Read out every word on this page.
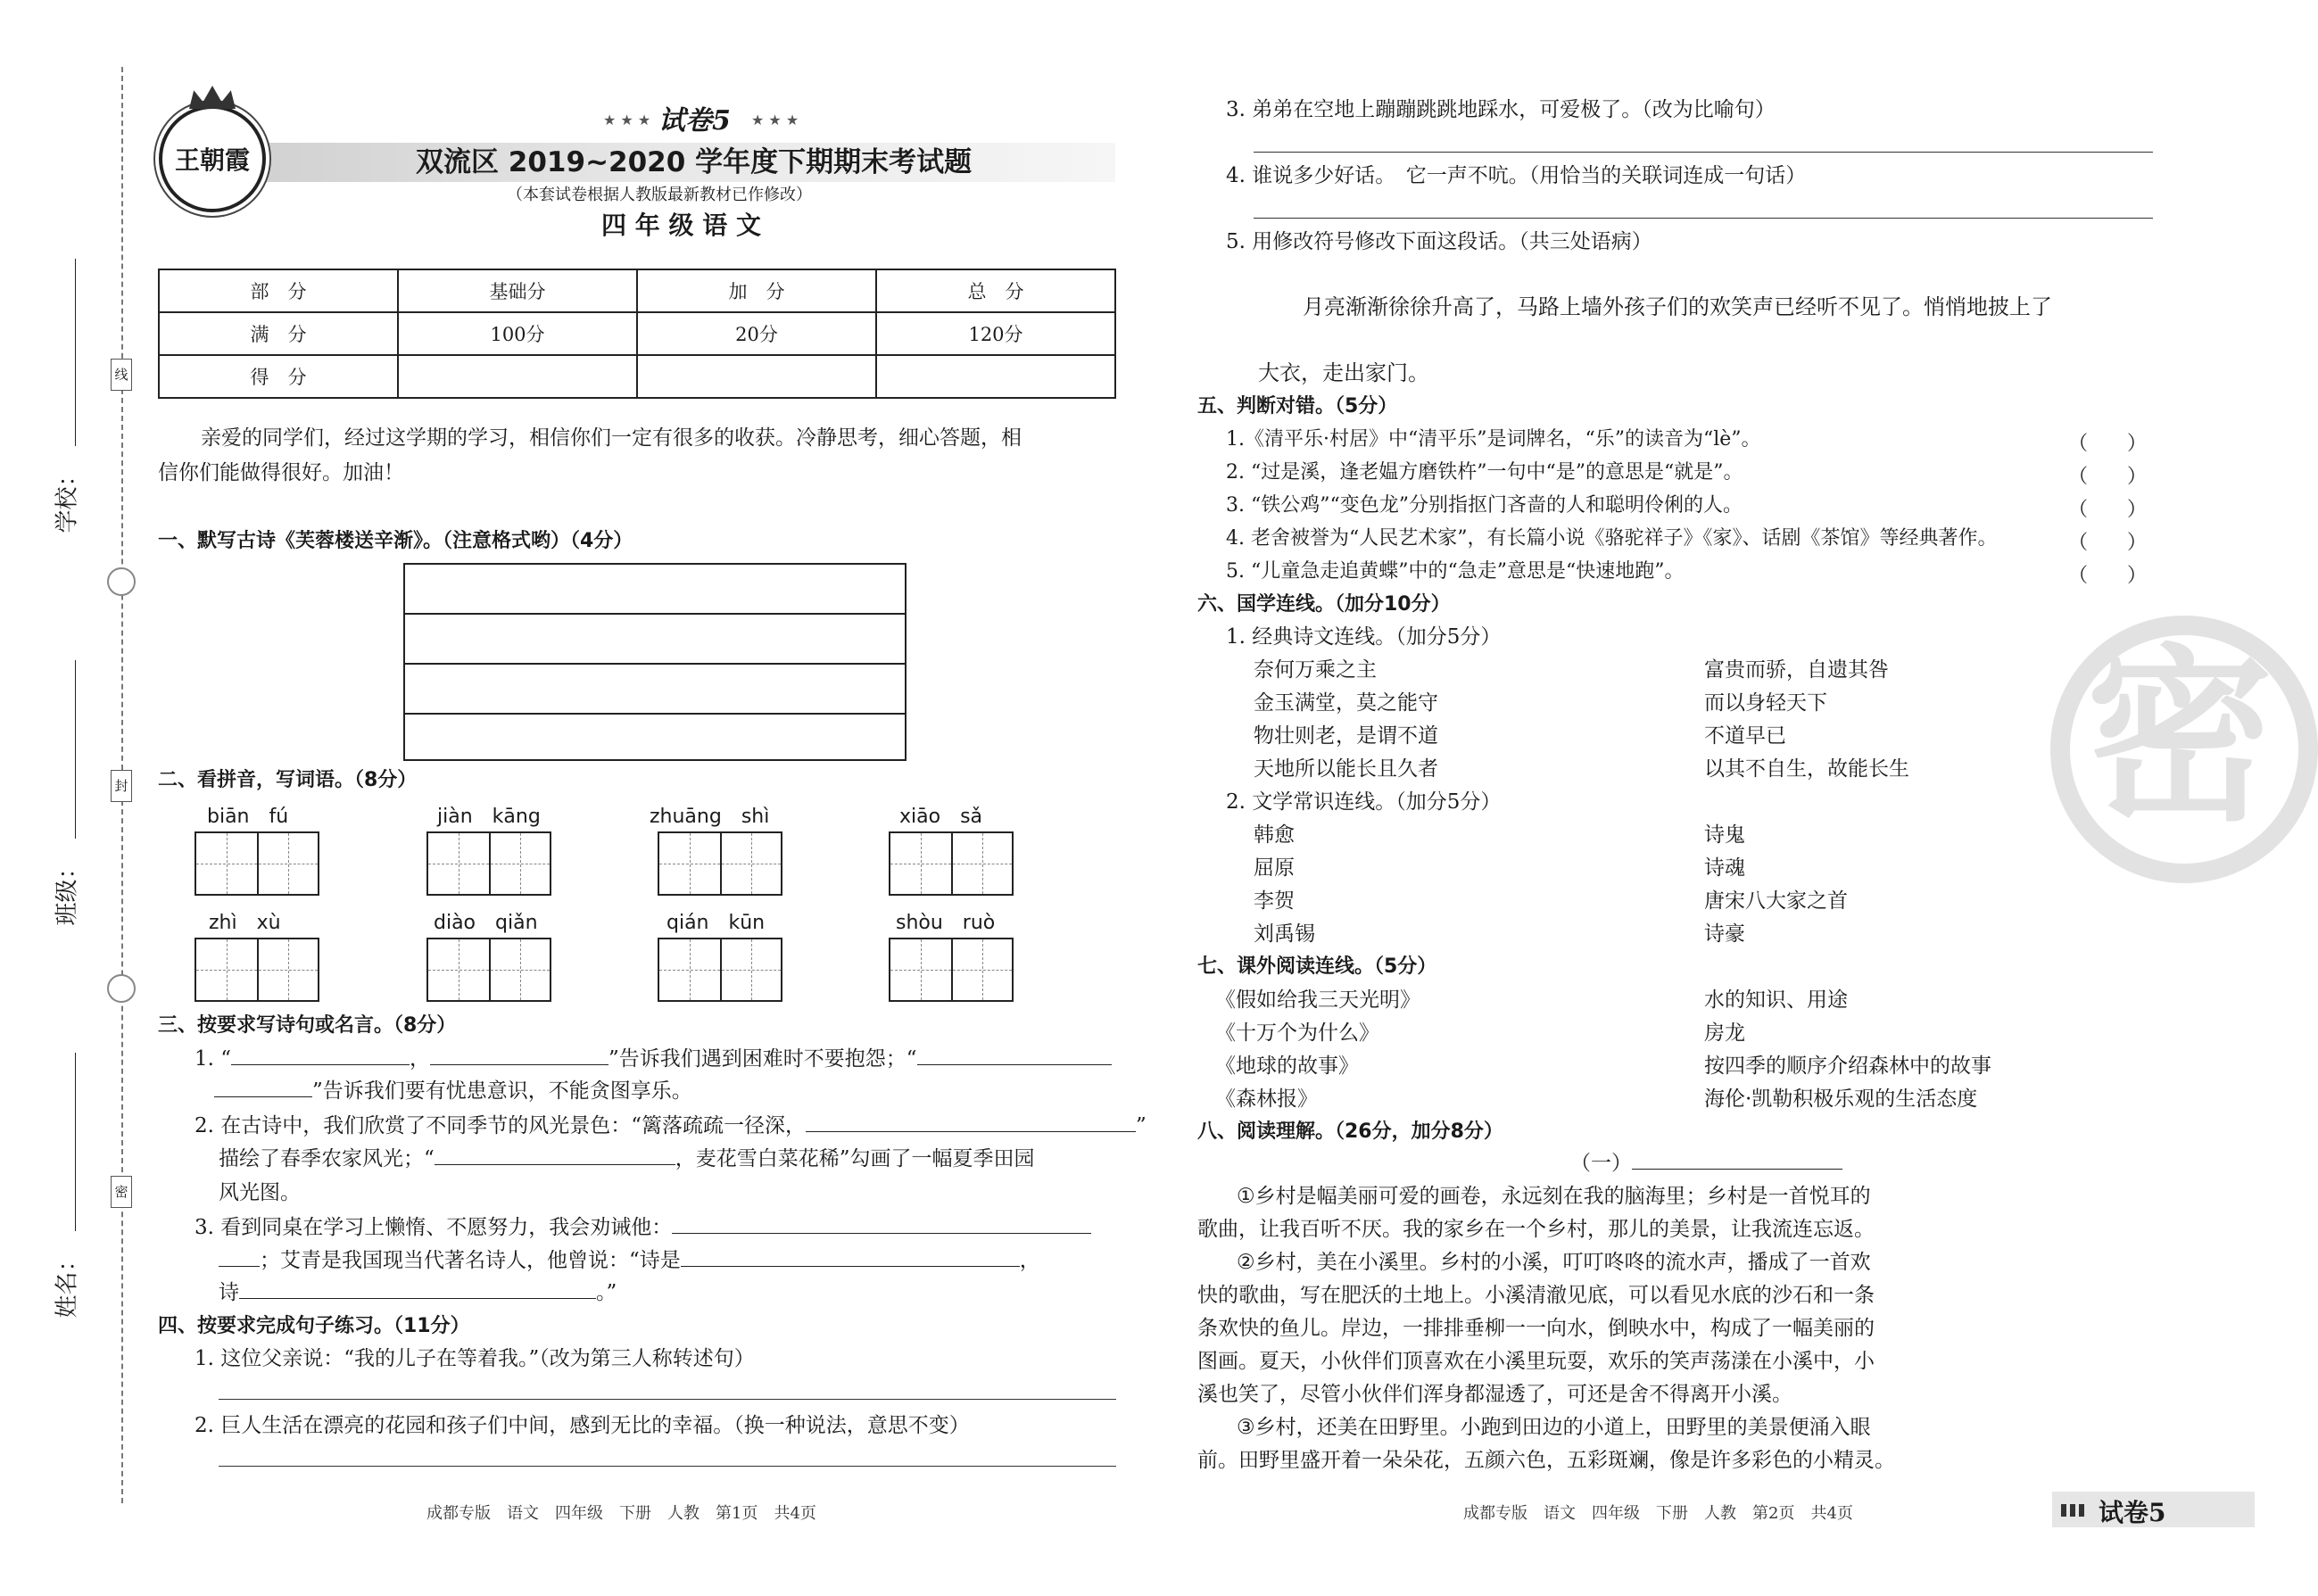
线
封
密
学校：
班级：
姓名：
王朝霞
★ ★ ★ 试卷5 ★ ★ ★
双流区 2019~2020 学年度下期期末考试题
（本套试卷根据人教版最新教材已作修改）
四 年 级 语 文
部　分	基础分	加　分	总　分
满　分	100分	20分	120分
得　分			
亲爱的同学们，经过这学期的学习，相信你们一定有很多的收获。冷静思考，细心答题，相
信你们能做得很好。加油！
一、默写古诗《芙蓉楼送辛渐》。（注意格式哟）（4分）
二、看拼音，写词语。（8分）
biān　fú	jiàn　kāng	zhuāng　shì	xiāo　sǎ
zhì　xù	diào　qiǎn	qián　kūn	shòu　ruò
三、按要求写诗句或名言。（8分）
1. “	，	”告诉我们遇到困难时不要抱怨；“
”告诉我们要有忧患意识，不能贪图享乐。
2. 在古诗中，我们欣赏了不同季节的风光景色：“篱落疏疏一径深，	”
描绘了春季农家风光；“	，麦花雪白菜花稀”勾画了一幅夏季田园
风光图。
3. 看到同桌在学习上懒惰、不愿努力，我会劝诫他：
；艾青是我国现当代著名诗人，他曾说：“诗是	，
诗	。”
四、按要求完成句子练习。（11分）
1. 这位父亲说：“我的儿子在等着我。”（改为第三人称转述句）
2. 巨人生活在漂亮的花园和孩子们中间，感到无比的幸福。（换一种说法，意思不变）
成都专版　语文　四年级　下册　人教　第1页　共4页
3. 弟弟在空地上蹦蹦跳跳地踩水，可爱极了。（改为比喻句）
4. 谁说多少好话。　它一声不吭。（用恰当的关联词连成一句话）
5. 用修改符号修改下面这段话。（共三处语病）
月亮渐渐徐徐升高了，马路上墙外孩子们的欢笑声已经听不见了。悄悄地披上了
大衣，走出家门。
五、判断对错。（5分）
1.《清平乐·村居》中“清平乐”是词牌名，“乐”的读音为“lè”。	（　　）
2. “过是溪，逢老媪方磨铁杵”一句中“是”的意思是“就是”。	（　　）
3. “铁公鸡”“变色龙”分别指抠门吝啬的人和聪明伶俐的人。	（　　）
4. 老舍被誉为“人民艺术家”，有长篇小说《骆驼祥子》《家》、话剧《茶馆》等经典著作。	（　　）
5. “儿童急走追黄蝶”中的“急走”意思是“快速地跑”。	（　　）
六、国学连线。（加分10分）
1. 经典诗文连线。（加分5分）
奈何万乘之主	富贵而骄，自遗其咎
金玉满堂，莫之能守	而以身轻天下
物壮则老，是谓不道	不道早已
天地所以能长且久者	以其不自生，故能长生
2. 文学常识连线。（加分5分）
韩愈	诗鬼
屈原	诗魂
李贺	唐宋八大家之首
刘禹锡	诗豪
七、课外阅读连线。（5分）
《假如给我三天光明》	水的知识、用途
《十万个为什么》	房龙
《地球的故事》	按四季的顺序介绍森林中的故事
《森林报》	海伦·凯勒积极乐观的生活态度
八、阅读理解。（26分，加分8分）
（一）
①乡村是幅美丽可爱的画卷，永远刻在我的脑海里；乡村是一首悦耳的
歌曲，让我百听不厌。我的家乡在一个乡村，那儿的美景，让我流连忘返。
②乡村，美在小溪里。乡村的小溪，叮叮咚咚的流水声，播成了一首欢
快的歌曲，写在肥沃的土地上。小溪清澈见底，可以看见水底的沙石和一条
条欢快的鱼儿。岸边，一排排垂柳一一向水，倒映水中，构成了一幅美丽的
图画。夏天，小伙伴们顶喜欢在小溪里玩耍，欢乐的笑声荡漾在小溪中，小
溪也笑了，尽管小伙伴们浑身都湿透了，可还是舍不得离开小溪。
③乡村，还美在田野里。小跑到田边的小道上，田野里的美景便涌入眼
前。田野里盛开着一朵朵花，五颜六色，五彩斑斓，像是许多彩色的小精灵。
密
成都专版　语文　四年级　下册　人教　第2页　共4页	试卷5
